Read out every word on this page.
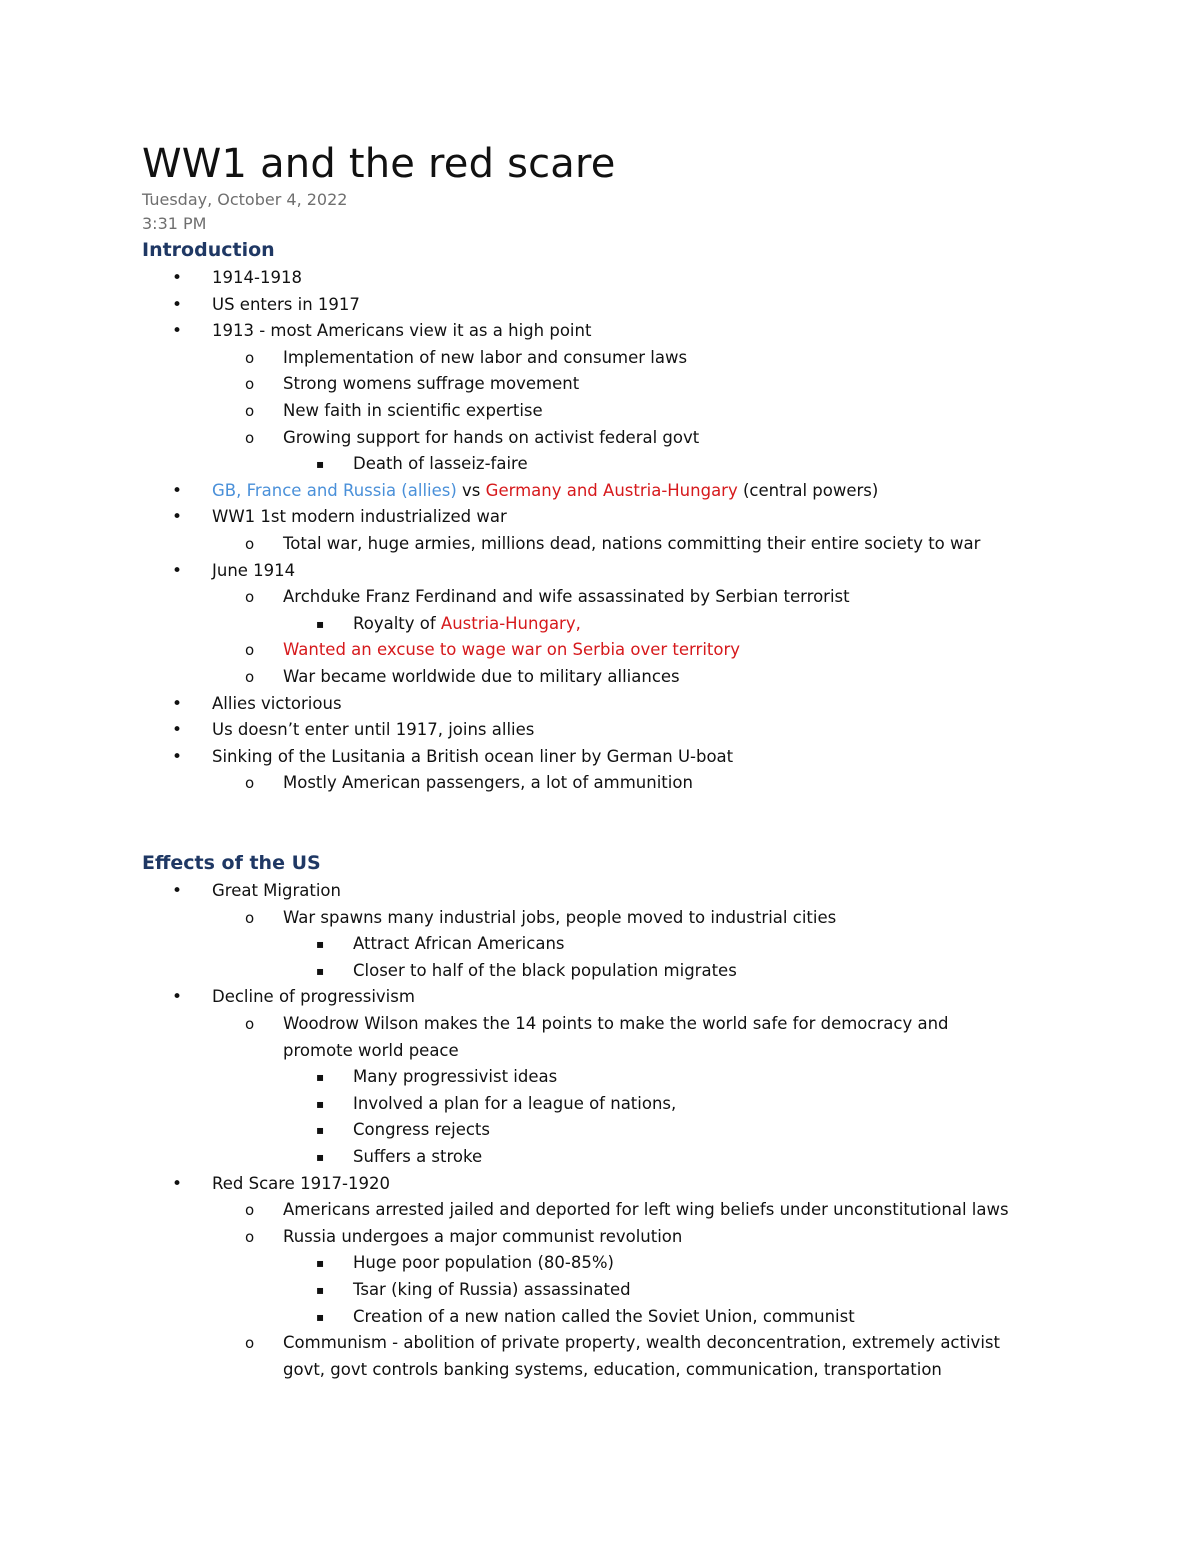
WW1 and the red scare
Tuesday, October 4, 2022
3:31 PM
Introduction
• 1914-1918
• US enters in 1917
• 1913 - most Americans view it as a high point
o Implementation of new labor and consumer laws
o Strong womens suffrage movement
o New faith in scientific expertise
o Growing support for hands on activist federal govt
▪ Death of lasseiz-faire
• GB, France and Russia (allies) vs Germany and Austria-Hungary (central powers)
• WW1 1st modern industrialized war
o Total war, huge armies, millions dead, nations committing their entire society to war
• June 1914
o Archduke Franz Ferdinand and wife assassinated by Serbian terrorist
▪ Royalty of Austria-Hungary,
o Wanted an excuse to wage war on Serbia over territory
o War became worldwide due to military alliances
• Allies victorious
• Us doesn’t enter until 1917, joins allies
• Sinking of the Lusitania a British ocean liner by German U-boat
o Mostly American passengers, a lot of ammunition
Effects of the US
• Great Migration
o War spawns many industrial jobs, people moved to industrial cities
▪ Attract African Americans
▪ Closer to half of the black population migrates
• Decline of progressivism
o Woodrow Wilson makes the 14 points to make the world safe for democracy and
promote world peace
▪ Many progressivist ideas
▪ Involved a plan for a league of nations,
▪ Congress rejects
▪ Suffers a stroke
• Red Scare 1917-1920
o Americans arrested jailed and deported for left wing beliefs under unconstitutional laws
o Russia undergoes a major communist revolution
▪ Huge poor population (80-85%)
▪ Tsar (king of Russia) assassinated
▪ Creation of a new nation called the Soviet Union, communist
o Communism - abolition of private property, wealth deconcentration, extremely activist
govt, govt controls banking systems, education, communication, transportation
